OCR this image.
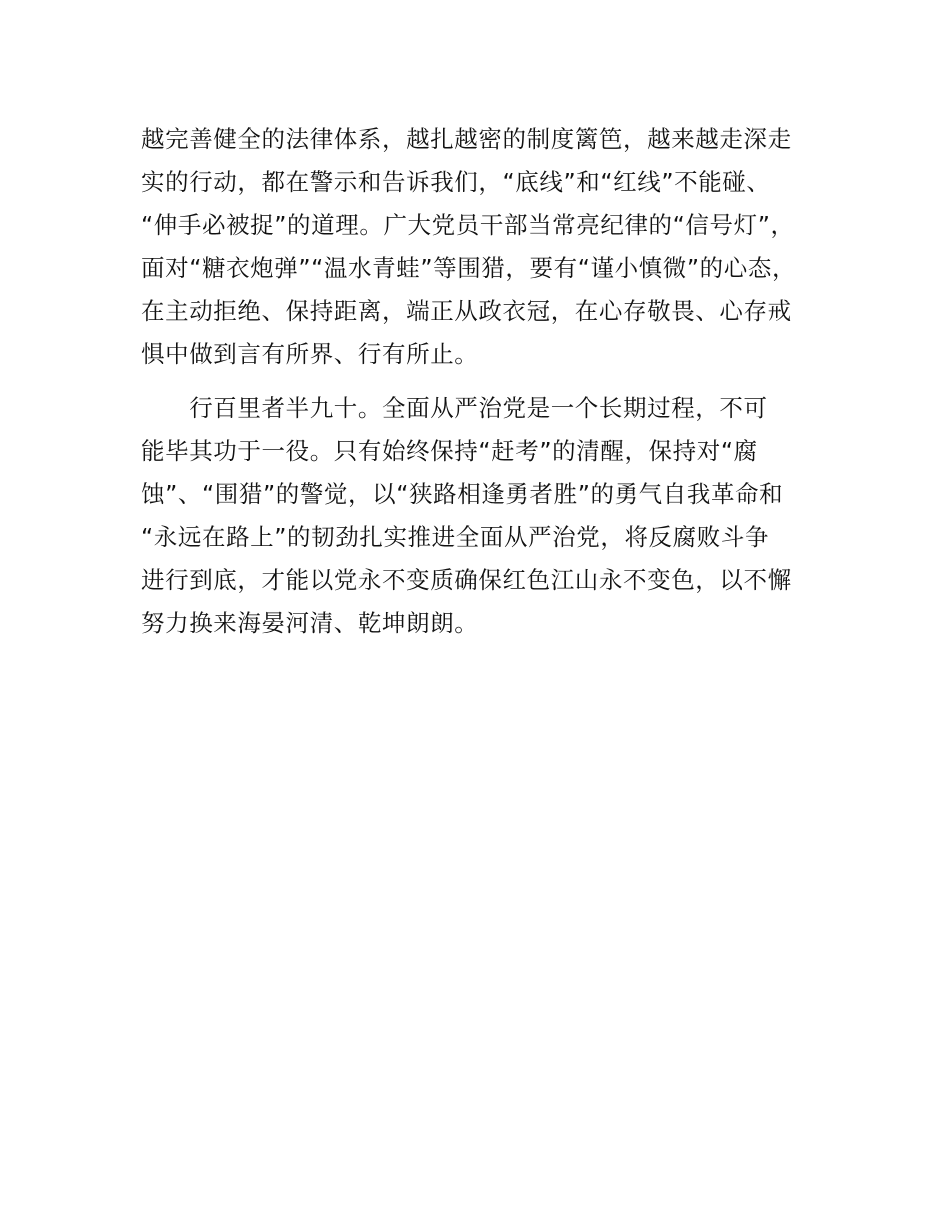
越完善健全的法律体系，越扎越密的制度篱笆，越来越走深走
实的行动，都在警示和告诉我们，“底线”和“红线”不能碰、
“伸手必被捉”的道理。广大党员干部当常亮纪律的“信号灯”，
面对“糖衣炮弹”“温水青蛙”等围猎，要有“谨小慎微”的心态，
在主动拒绝、保持距离，端正从政衣冠，在心存敬畏、心存戒
惧中做到言有所界、行有所止。

　　行百里者半九十。全面从严治党是一个长期过程，不可
能毕其功于一役。只有始终保持“赶考”的清醒，保持对“腐
蚀”、“围猎”的警觉，以“狭路相逢勇者胜”的勇气自我革命和
“永远在路上”的韧劲扎实推进全面从严治党，将反腐败斗争
进行到底，才能以党永不变质确保红色江山永不变色，以不懈
努力换来海晏河清、乾坤朗朗。
